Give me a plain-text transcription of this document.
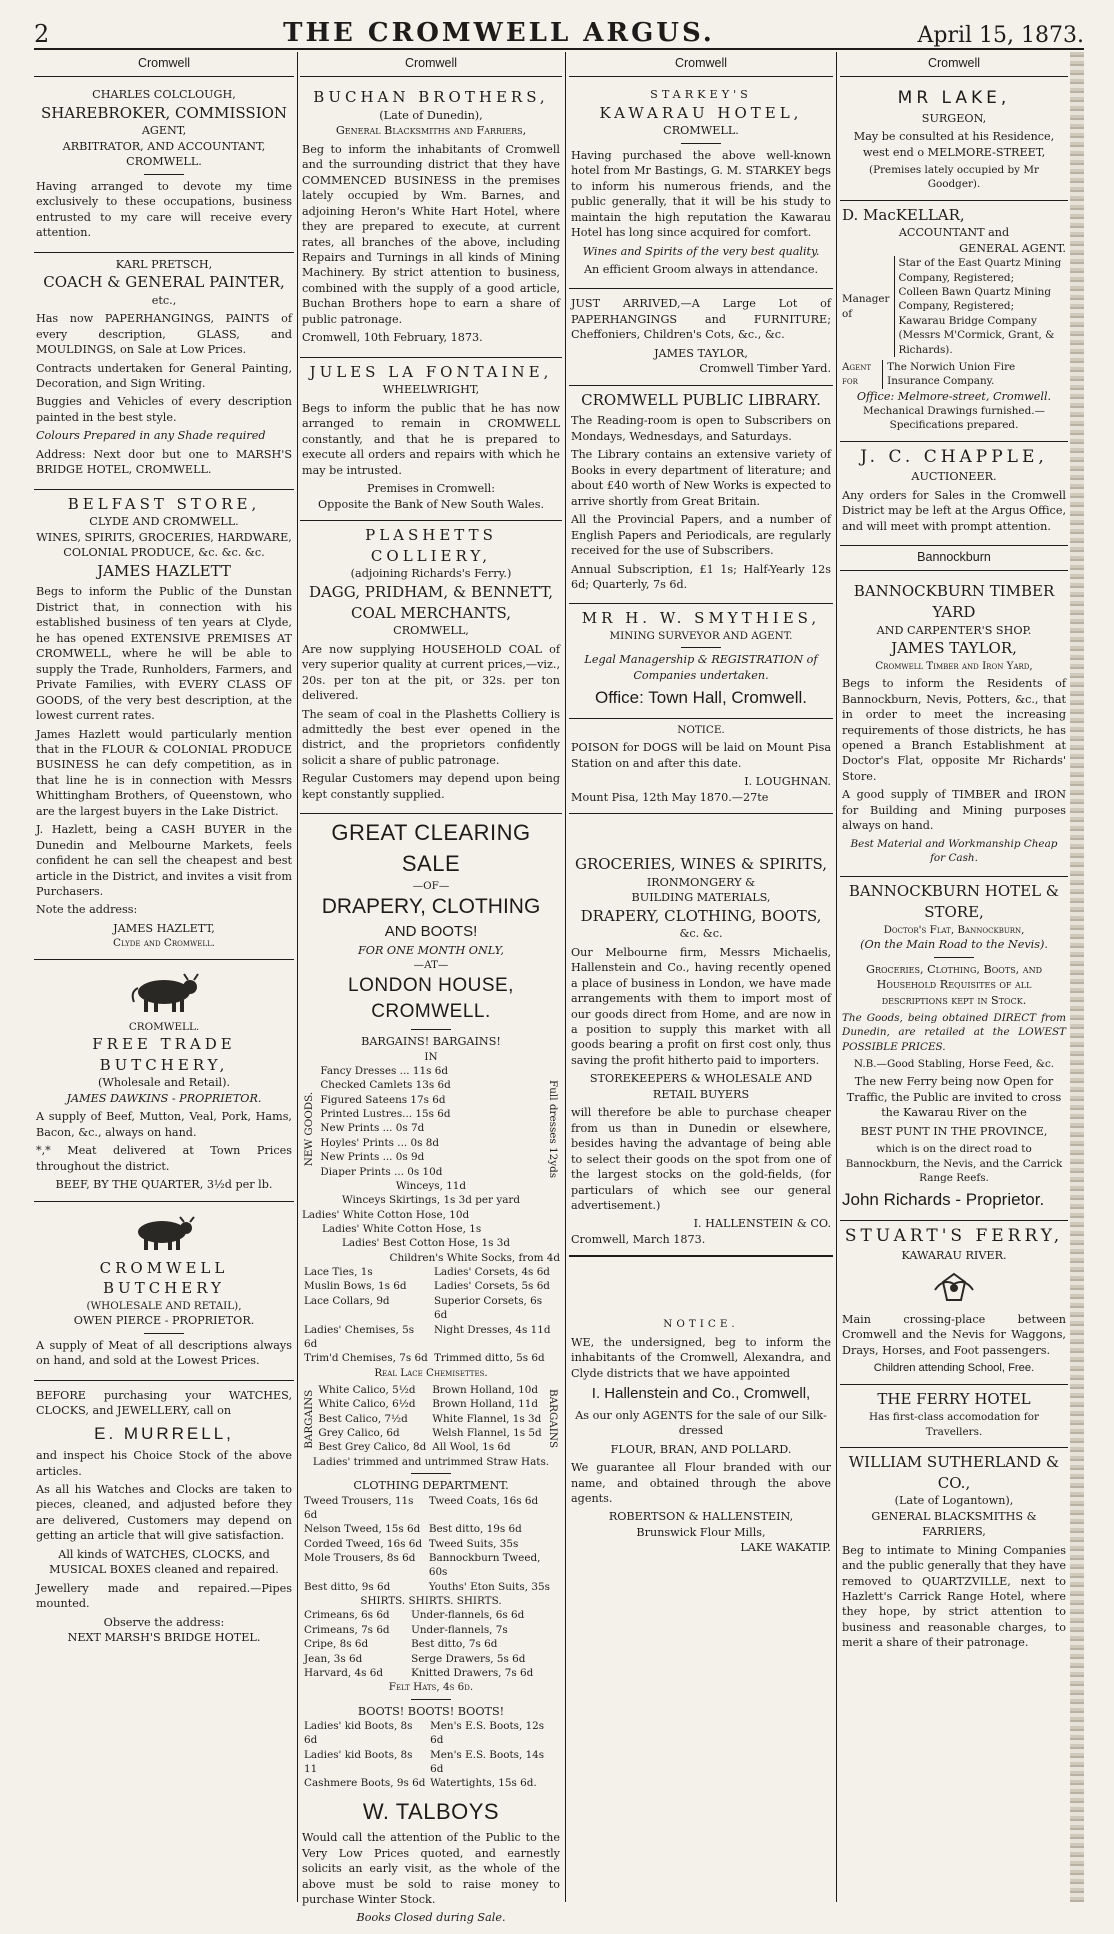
2	THE CROMWELL ARGUS.	April 15, 1873.
Cromwell
CHARLES COLCLOUGH,
SHAREBROKER, COMMISSION
AGENT,
ARBITRATOR, AND ACCOUNTANT,
CROMWELL.

Having arranged to devote my time exclusively to these occupations, business entrusted to my care will receive every attention.

KARL PRETSCH,
COACH & GENERAL PAINTER,
etc.,

Has now PAPERHANGINGS, PAINTS of every description, GLASS, and MOULDINGS, on Sale at Low Prices.

Contracts undertaken for General Painting, Decoration, and Sign Writing.

Buggies and Vehicles of every description painted in the best style.

Colours Prepared in any Shade required

Address: Next door but one to MARSH'S BRIDGE HOTEL, CROMWELL.

BELFAST STORE,
CLYDE AND CROMWELL.
WINES, SPIRITS, GROCERIES, HARDWARE, COLONIAL PRODUCE, &c. &c. &c.
JAMES HAZLETT

Begs to inform the Public of the Dunstan District that, in connection with his established business of ten years at Clyde, he has opened EXTENSIVE PREMISES AT CROMWELL, where he will be able to supply the Trade, Runholders, Farmers, and Private Families, with EVERY CLASS OF GOODS, of the very best description, at the lowest current rates.

James Hazlett would particularly mention that in the FLOUR & COLONIAL PRODUCE BUSINESS he can defy competition, as in that line he is in connection with Messrs Whittingham Brothers, of Queenstown, who are the largest buyers in the Lake District.

J. Hazlett, being a CASH BUYER in the Dunedin and Melbourne Markets, feels confident he can sell the cheapest and best article in the District, and invites a visit from Purchasers.

Note the address:

JAMES HAZLETT,
Clyde and Cromwell.
CROMWELL.
FREE TRADE BUTCHERY,
(Wholesale and Retail).
JAMES DAWKINS - PROPRIETOR.

A supply of Beef, Mutton, Veal, Pork, Hams, Bacon, &c., always on hand.

*,* Meat delivered at Town Prices throughout the district.

BEEF, BY THE QUARTER, 3½d per lb.
CROMWELL BUTCHERY
(WHOLESALE AND RETAIL),
OWEN PIERCE - PROPRIETOR.

A supply of Meat of all descriptions always on hand, and sold at the Lowest Prices.

BEFORE purchasing your WATCHES, CLOCKS, and JEWELLERY, call on

E. MURRELL,

and inspect his Choice Stock of the above articles.

As all his Watches and Clocks are taken to pieces, cleaned, and adjusted before they are delivered, Customers may depend on getting an article that will give satisfaction.

All kinds of WATCHES, CLOCKS, and MUSICAL BOXES cleaned and repaired.

Jewellery made and repaired.—Pipes mounted.

Observe the address:
NEXT MARSH'S BRIDGE HOTEL.
Cromwell
BUCHAN BROTHERS,
(Late of Dunedin),
General Blacksmiths and Farriers,

Beg to inform the inhabitants of Cromwell and the surrounding district that they have COMMENCED BUSINESS in the premises lately occupied by Wm. Barnes, and adjoining Heron's White Hart Hotel, where they are prepared to execute, at current rates, all branches of the above, including Repairs and Turnings in all kinds of Mining Machinery. By strict attention to business, combined with the supply of a good article, Buchan Brothers hope to earn a share of public patronage.

Cromwell, 10th February, 1873.

JULES LA FONTAINE,
WHEELWRIGHT,

Begs to inform the public that he has now arranged to remain in CROMWELL constantly, and that he is prepared to execute all orders and repairs with which he may be intrusted.

Premises in Cromwell:
Opposite the Bank of New South Wales.
PLASHETTS COLLIERY,
(adjoining Richards's Ferry.)
DAGG, PRIDHAM, & BENNETT,
COAL MERCHANTS,
CROMWELL,

Are now supplying HOUSEHOLD COAL of very superior quality at current prices,—viz., 20s. per ton at the pit, or 32s. per ton delivered.

The seam of coal in the Plashetts Colliery is admittedly the best ever opened in the district, and the proprietors confidently solicit a share of public patronage.

Regular Customers may depend upon being kept constantly supplied.

GREAT CLEARING SALE
—OF—
DRAPERY, CLOTHING
AND BOOTS!
FOR ONE MONTH ONLY,
—AT—
LONDON HOUSE, CROMWELL.
BARGAINS! BARGAINS!
IN
NEW GOODS.
Fancy Dresses ... 11s 6d
Checked Camlets 13s 6d
Figured Sateens 17s 6d
Printed Lustres... 15s 6d
New Prints ... 0s 7d
Hoyles' Prints ... 0s 8d
New Prints ... 0s 9d
Diaper Prints ... 0s 10d
Winceys, 11d
Full dresses 12yds
Winceys Skirtings, 1s 3d per yard
Ladies' White Cotton Hose, 10d
Ladies' White Cotton Hose, 1s
Ladies' Best Cotton Hose, 1s 3d
Children's White Socks, from 4d
Lace Ties, 1s	Ladies' Corsets, 4s 6d
Muslin Bows, 1s 6d	Ladies' Corsets, 5s 6d
Lace Collars, 9d	Superior Corsets, 6s 6d
Ladies' Chemises, 5s 6d	Night Dresses, 4s 11d
Trim'd Chemises, 7s 6d	Trimmed ditto, 5s 6d
Real Lace Chemisettes.
BARGAINS White Calico, 5½d	Brown Holland, 10d
White Calico, 6½d	Brown Holland, 11d
Best Calico, 7½d	White Flannel, 1s 3d
Grey Calico, 6d	Welsh Flannel, 1s 5d
Best Grey Calico, 8d	All Wool, 1s 6d	BARGAINS
Ladies' trimmed and untrimmed Straw Hats.
CLOTHING DEPARTMENT.
Tweed Trousers, 11s 6d	Tweed Coats, 16s 6d
Nelson Tweed, 15s 6d	Best ditto, 19s 6d
Corded Tweed, 16s 6d	Tweed Suits, 35s
Mole Trousers, 8s 6d	Bannockburn Tweed, 60s
Best ditto, 9s 6d	Youths' Eton Suits, 35s
SHIRTS. SHIRTS. SHIRTS.
Crimeans, 6s 6d	Under-flannels, 6s 6d
Crimeans, 7s 6d	Under-flannels, 7s
Cripe, 8s 6d	Best ditto, 7s 6d
Jean, 3s 6d	Serge Drawers, 5s 6d
Harvard, 4s 6d	Knitted Drawers, 7s 6d
Felt Hats, 4s 6d.
BOOTS! BOOTS! BOOTS!
Ladies' kid Boots, 8s 6d	Men's E.S. Boots, 12s 6d
Ladies' kid Boots, 8s 11	Men's E.S. Boots, 14s 6d
Cashmere Boots, 9s 6d	Watertights, 15s 6d.
W. TALBOYS

Would call the attention of the Public to the Very Low Prices quoted, and earnestly solicits an early visit, as the whole of the above must be sold to raise money to purchase Winter Stock.

Books Closed during Sale.
Cromwell
STARKEY'S
KAWARAU HOTEL,
CROMWELL.

Having purchased the above well-known hotel from Mr Bastings, G. M. STARKEY begs to inform his numerous friends, and the public generally, that it will be his study to maintain the high reputation the Kawarau Hotel has long since acquired for comfort.

Wines and Spirits of the very best quality.

An efficient Groom always in attendance.

JUST ARRIVED,—A Large Lot of PAPERHANGINGS and FURNITURE; Cheffoniers, Children's Cots, &c., &c.

JAMES TAYLOR,
Cromwell Timber Yard.
CROMWELL PUBLIC LIBRARY.

The Reading-room is open to Subscribers on Mondays, Wednesdays, and Saturdays.

The Library contains an extensive variety of Books in every department of literature; and about £40 worth of New Works is expected to arrive shortly from Great Britain.

All the Provincial Papers, and a number of English Papers and Periodicals, are regularly received for the use of Subscribers.

Annual Subscription, £1 1s; Half-Yearly 12s 6d; Quarterly, 7s 6d.

MR H. W. SMYTHIES,
MINING SURVEYOR AND AGENT.

Legal Managership & REGISTRATION of Companies undertaken.

Office: Town Hall, Cromwell.
NOTICE.

POISON for DOGS will be laid on Mount Pisa Station on and after this date.

I. LOUGHNAN.
Mount Pisa, 12th May 1870.—27te
GROCERIES, WINES & SPIRITS,
IRONMONGERY &
BUILDING MATERIALS,
DRAPERY, CLOTHING, BOOTS,
&c. &c.

Our Melbourne firm, Messrs Michaelis, Hallenstein and Co., having recently opened a place of business in London, we have made arrangements with them to import most of our goods direct from Home, and are now in a position to supply this market with all goods bearing a profit on first cost only, thus saving the profit hitherto paid to importers.

STOREKEEPERS & WHOLESALE AND RETAIL BUYERS

will therefore be able to purchase cheaper from us than in Dunedin or elsewhere, besides having the advantage of being able to select their goods on the spot from one of the largest stocks on the gold-fields, (for particulars of which see our general advertisement.)

I. HALLENSTEIN & CO.
Cromwell, March 1873.
NOTICE.

WE, the undersigned, beg to inform the inhabitants of the Cromwell, Alexandra, and Clyde districts that we have appointed

I. Hallenstein and Co., Cromwell,

As our only AGENTS for the sale of our Silk-dressed

FLOUR, BRAN, AND POLLARD.

We guarantee all Flour branded with our name, and obtained through the above agents.

ROBERTSON & HALLENSTEIN,
Brunswick Flour Mills,
LAKE WAKATIP.
Cromwell
MR LAKE,
SURGEON,

May be consulted at his Residence, west end o MELMORE-STREET,

(Premises lately occupied by Mr Goodger).
D. MacKELLAR,
ACCOUNTANT and
GENERAL AGENT.
Manager of
Star of the East Quartz Mining Company, Registered;
Colleen Bawn Quartz Mining Company, Registered;
Kawarau Bridge Company (Messrs M'Cormick, Grant, & Richards).
Agent for
The Norwich Union Fire Insurance Company.
Office: Melmore-street, Cromwell.
Mechanical Drawings furnished.—Specifications prepared.
J. C. CHAPPLE,
AUCTIONEER.

Any orders for Sales in the Cromwell District may be left at the Argus Office, and will meet with prompt attention.

Bannockburn
BANNOCKBURN TIMBER YARD
AND CARPENTER'S SHOP.
JAMES TAYLOR,
Cromwell Timber and Iron Yard,

Begs to inform the Residents of Bannockburn, Nevis, Potters, &c., that in order to meet the increasing requirements of those districts, he has opened a Branch Establishment at Doctor's Flat, opposite Mr Richards' Store.

A good supply of TIMBER and IRON for Building and Mining purposes always on hand.

Best Material and Workmanship Cheap for Cash.

BANNOCKBURN HOTEL & STORE,
Doctor's Flat, Bannockburn,
(On the Main Road to the Nevis).

Groceries, Clothing, Boots, and Household Requisites of all descriptions kept in Stock.

The Goods, being obtained DIRECT from Dunedin, are retailed at the LOWEST POSSIBLE PRICES.

N.B.—Good Stabling, Horse Feed, &c.

The new Ferry being now Open for Traffic, the Public are invited to cross the Kawarau River on the

BEST PUNT IN THE PROVINCE,

which is on the direct road to Bannockburn, the Nevis, and the Carrick Range Reefs.

John Richards - Proprietor.
STUART'S FERRY,
KAWARAU RIVER.

Main crossing-place between Cromwell and the Nevis for Waggons, Drays, Horses, and Foot passengers.

Children attending School, Free.
THE FERRY HOTEL
Has first-class accomodation for Travellers.
WILLIAM SUTHERLAND & CO.,
(Late of Logantown),
GENERAL BLACKSMITHS & FARRIERS,

Beg to intimate to Mining Companies and the public generally that they have removed to QUARTZVILLE, next to Hazlett's Carrick Range Hotel, where they hope, by strict attention to business and reasonable charges, to merit a share of their patronage.
